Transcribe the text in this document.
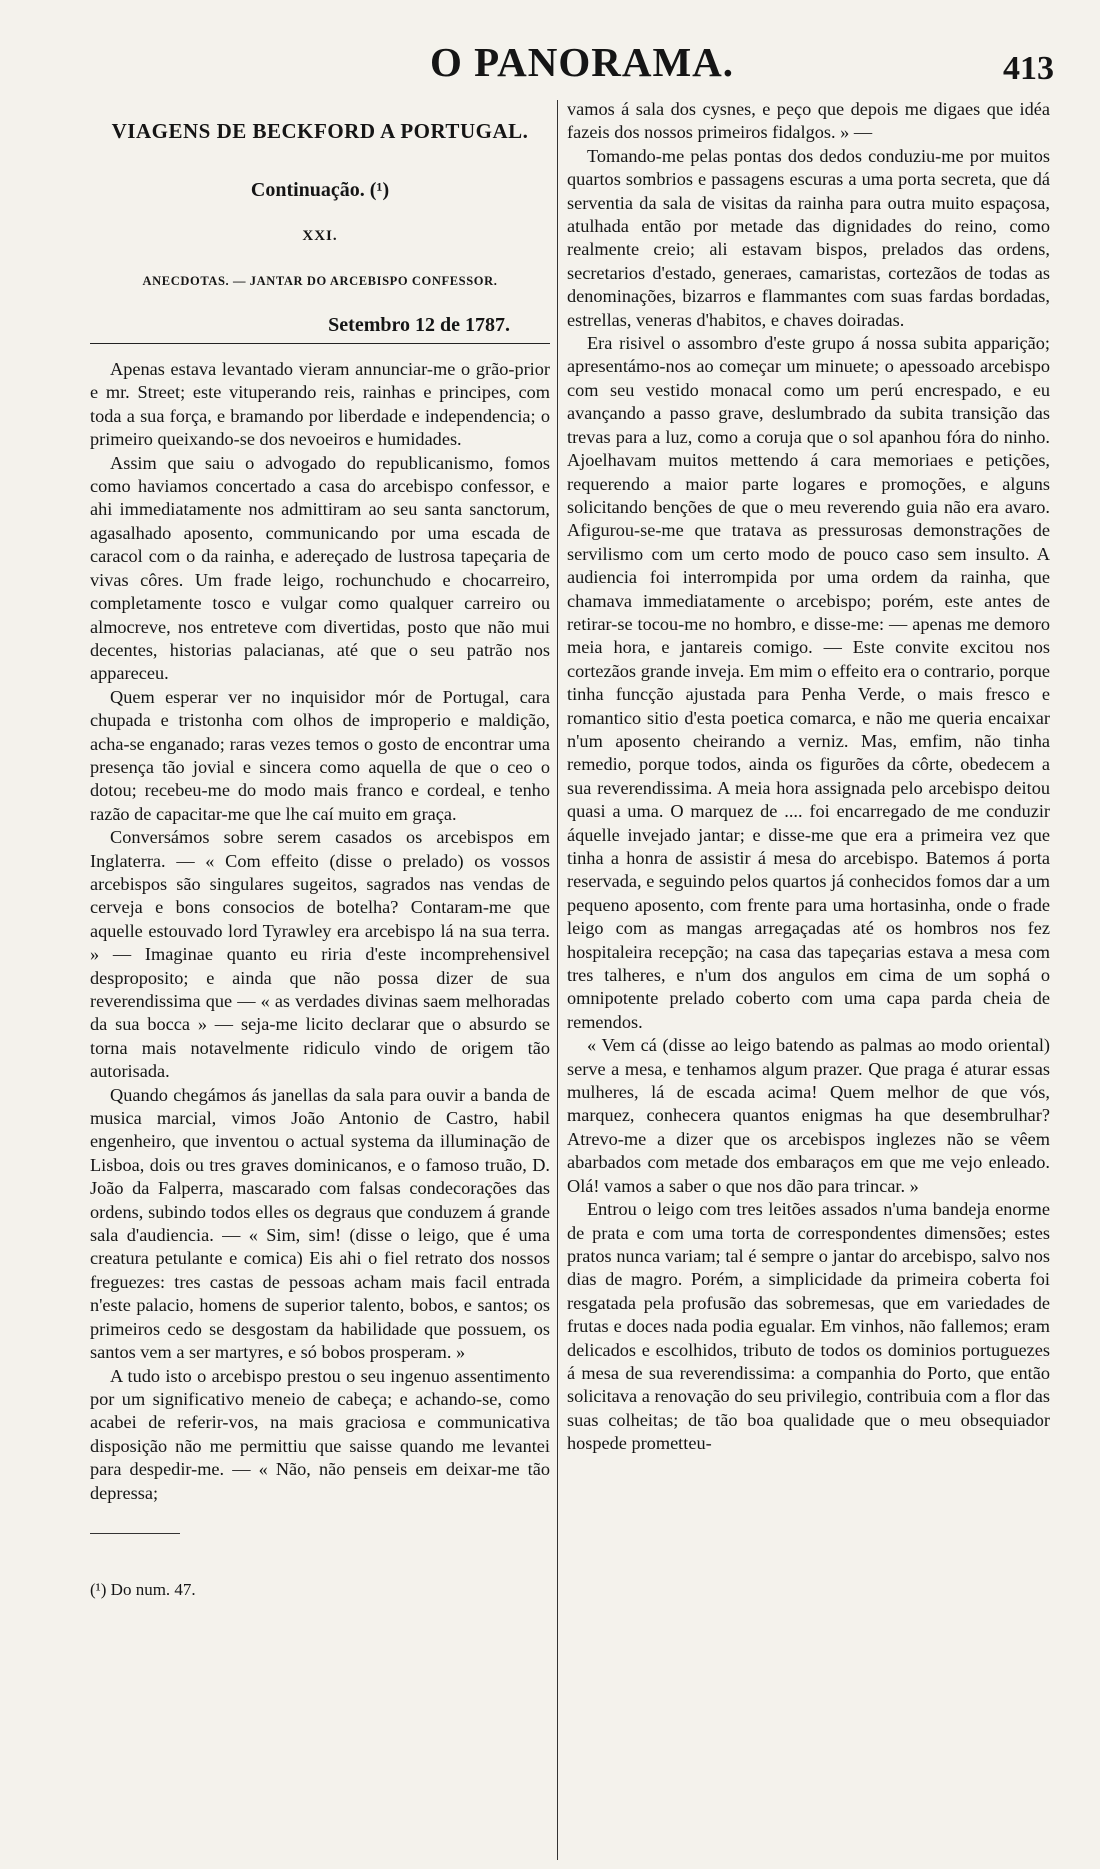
O PANORAMA.	413
VIAGENS DE BECKFORD A PORTUGAL.
Continuação. (¹)
XXI.
ANECDOTAS. — JANTAR DO ARCEBISPO CONFESSOR.
Setembro 12 de 1787.

Apenas estava levantado vieram annunciar-me o grão-prior e mr. Street; este vituperando reis, rainhas e principes, com toda a sua força, e bramando por liberdade e independencia; o primeiro queixando-se dos nevoeiros e humidades.

Assim que saiu o advogado do republicanismo, fomos como haviamos concertado a casa do arcebispo confessor, e ahi immediatamente nos admittiram ao seu santa sanctorum, agasalhado aposento, communicando por uma escada de caracol com o da rainha, e adereçado de lustrosa tapeçaria de vivas côres. Um frade leigo, rochunchudo e chocarreiro, completamente tosco e vulgar como qualquer carreiro ou almocreve, nos entreteve com divertidas, posto que não mui decentes, historias palacianas, até que o seu patrão nos appareceu.

Quem esperar ver no inquisidor mór de Portugal, cara chupada e tristonha com olhos de improperio e maldição, acha-se enganado; raras vezes temos o gosto de encontrar uma presença tão jovial e sincera como aquella de que o ceo o dotou; recebeu-me do modo mais franco e cordeal, e tenho razão de capacitar-me que lhe caí muito em graça.

Conversámos sobre serem casados os arcebispos em Inglaterra. — « Com effeito (disse o prelado) os vossos arcebispos são singulares sugeitos, sagrados nas vendas de cerveja e bons consocios de botelha? Contaram-me que aquelle estouvado lord Tyrawley era arcebispo lá na sua terra. » — Imaginae quanto eu riria d'este incomprehensivel desproposito; e ainda que não possa dizer de sua reverendissima que — « as verdades divinas saem melhoradas da sua bocca » — seja-me licito declarar que o absurdo se torna mais notavelmente ridiculo vindo de origem tão autorisada.

Quando chegámos ás janellas da sala para ouvir a banda de musica marcial, vimos João Antonio de Castro, habil engenheiro, que inventou o actual systema da illuminação de Lisboa, dois ou tres graves dominicanos, e o famoso truão, D. João da Falperra, mascarado com falsas condecorações das ordens, subindo todos elles os degraus que conduzem á grande sala d'audiencia. — « Sim, sim! (disse o leigo, que é uma creatura petulante e comica) Eis ahi o fiel retrato dos nossos freguezes: tres castas de pessoas acham mais facil entrada n'este palacio, homens de superior talento, bobos, e santos; os primeiros cedo se desgostam da habilidade que possuem, os santos vem a ser martyres, e só bobos prosperam. »

A tudo isto o arcebispo prestou o seu ingenuo assentimento por um significativo meneio de cabeça; e achando-se, como acabei de referir-vos, na mais graciosa e communicativa disposição não me permittiu que saisse quando me levantei para despedir-me. — « Não, não penseis em deixar-me tão depressa;

(¹) Do num. 47.

vamos á sala dos cysnes, e peço que depois me digaes que idéa fazeis dos nossos primeiros fidalgos. » —

Tomando-me pelas pontas dos dedos conduziu-me por muitos quartos sombrios e passagens escuras a uma porta secreta, que dá serventia da sala de visitas da rainha para outra muito espaçosa, atulhada então por metade das dignidades do reino, como realmente creio; ali estavam bispos, prelados das ordens, secretarios d'estado, generaes, camaristas, cortezãos de todas as denominações, bizarros e flammantes com suas fardas bordadas, estrellas, veneras d'habitos, e chaves doiradas.

Era risivel o assombro d'este grupo á nossa subita apparição; apresentámo-nos ao começar um minuete; o apessoado arcebispo com seu vestido monacal como um perú encrespado, e eu avançando a passo grave, deslumbrado da subita transição das trevas para a luz, como a coruja que o sol apanhou fóra do ninho. Ajoelhavam muitos mettendo á cara memoriaes e petições, requerendo a maior parte logares e promoções, e alguns solicitando benções de que o meu reverendo guia não era avaro. Afigurou-se-me que tratava as pressurosas demonstrações de servilismo com um certo modo de pouco caso sem insulto. A audiencia foi interrompida por uma ordem da rainha, que chamava immediatamente o arcebispo; porém, este antes de retirar-se tocou-me no hombro, e disse-me: — apenas me demoro meia hora, e jantareis comigo. — Este convite excitou nos cortezãos grande inveja. Em mim o effeito era o contrario, porque tinha funcção ajustada para Penha Verde, o mais fresco e romantico sitio d'esta poetica comarca, e não me queria encaixar n'um aposento cheirando a verniz. Mas, emfim, não tinha remedio, porque todos, ainda os figurões da côrte, obedecem a sua reverendissima. A meia hora assignada pelo arcebispo deitou quasi a uma. O marquez de .... foi encarregado de me conduzir áquelle invejado jantar; e disse-me que era a primeira vez que tinha a honra de assistir á mesa do arcebispo. Batemos á porta reservada, e seguindo pelos quartos já conhecidos fomos dar a um pequeno aposento, com frente para uma hortasinha, onde o frade leigo com as mangas arregaçadas até os hombros nos fez hospitaleira recepção; na casa das tapeçarias estava a mesa com tres talheres, e n'um dos angulos em cima de um sophá o omnipotente prelado coberto com uma capa parda cheia de remendos.

« Vem cá (disse ao leigo batendo as palmas ao modo oriental) serve a mesa, e tenhamos algum prazer. Que praga é aturar essas mulheres, lá de escada acima! Quem melhor de que vós, marquez, conhecera quantos enigmas ha que desembrulhar? Atrevo-me a dizer que os arcebispos inglezes não se vêem abarbados com metade dos embaraços em que me vejo enleado. Olá! vamos a saber o que nos dão para trincar. »

Entrou o leigo com tres leitões assados n'uma bandeja enorme de prata e com uma torta de correspondentes dimensões; estes pratos nunca variam; tal é sempre o jantar do arcebispo, salvo nos dias de magro. Porém, a simplicidade da primeira coberta foi resgatada pela profusão das sobremesas, que em variedades de frutas e doces nada podia egualar. Em vinhos, não fallemos; eram delicados e escolhidos, tributo de todos os dominios portuguezes á mesa de sua reverendissima: a companhia do Porto, que então solicitava a renovação do seu privilegio, contribuia com a flor das suas colheitas; de tão boa qualidade que o meu obsequiador hospede prometteu-
